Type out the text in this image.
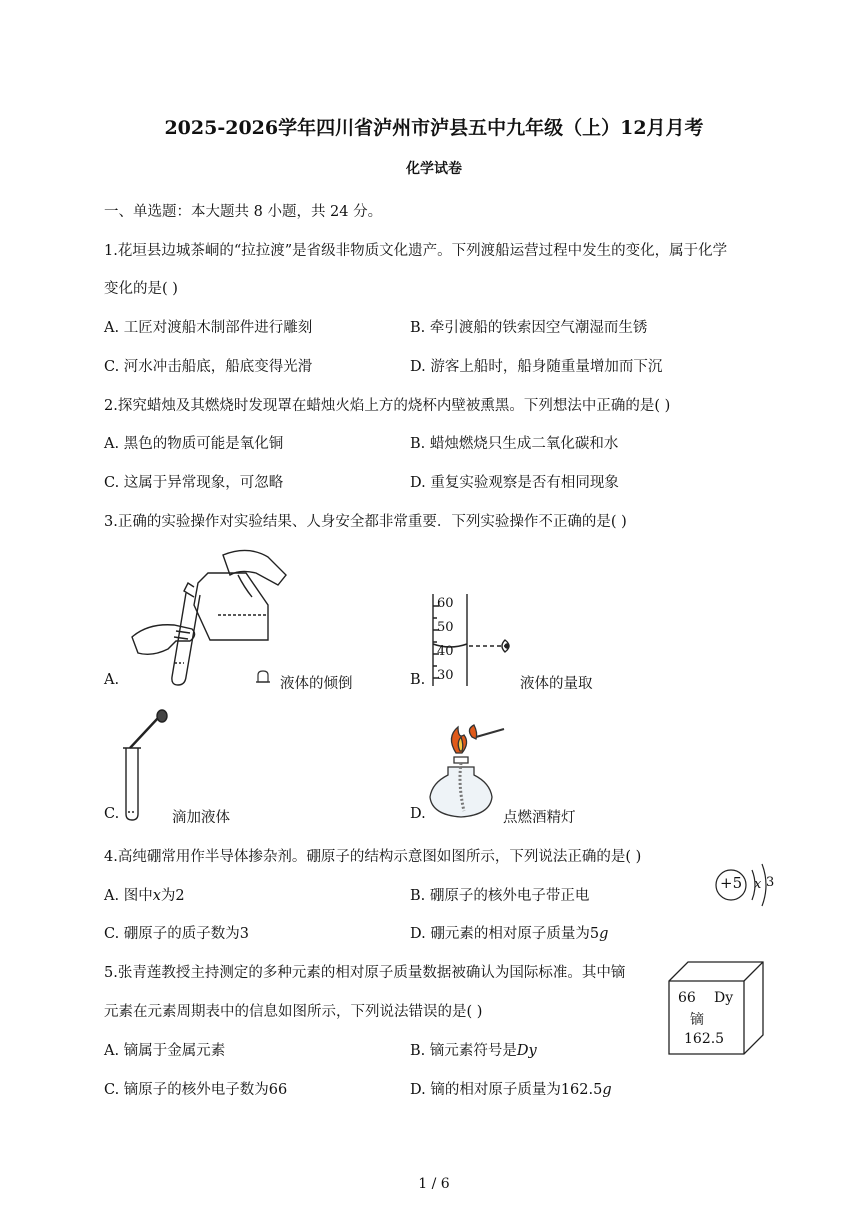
2025-2026学年四川省泸州市泸县五中九年级（上）12月月考
化学试卷
一、单选题：本大题共 8 小题，共 24 分。
1.花垣县边城茶峒的“拉拉渡”是省级非物质文化遗产。下列渡船运营过程中发生的变化，属于化学
变化的是( )
A. 工匠对渡船木制部件进行雕刻	B. 牵引渡船的铁索因空气潮湿而生锈
C. 河水冲击船底，船底变得光滑	D. 游客上船时，船身随重量增加而下沉
2.探究蜡烛及其燃烧时发现罩在蜡烛火焰上方的烧杯内壁被熏黑。下列想法中正确的是( )
A. 黑色的物质可能是氧化铜	B. 蜡烛燃烧只生成二氧化碳和水
C. 这属于异常现象，可忽略	D. 重复实验观察是否有相同现象
3.正确的实验操作对实验结果、人身安全都非常重要．下列实验操作不正确的是( )
A.	液体的倾倒
60
50
40
30
B.	液体的量取
C.	滴加液体	D.	点燃酒精灯
4.高纯硼常用作半导体掺杂剂。硼原子的结构示意图如图所示，下列说法正确的是( )
A. 图中x为2	B. 硼原子的核外电子带正电
C. 硼原子的质子数为3	D. 硼元素的相对原子质量为5g
+5 x 3
5.张青莲教授主持测定的多种元素的相对原子质量数据被确认为国际标准。其中镝
元素在元素周期表中的信息如图所示，下列说法错误的是( )
A. 镝属于金属元素	B. 镝元素符号是Dy
C. 镝原子的核外电子数为66	D. 镝的相对原子质量为162.5g
66 Dy
镝
162.5
1 / 6
